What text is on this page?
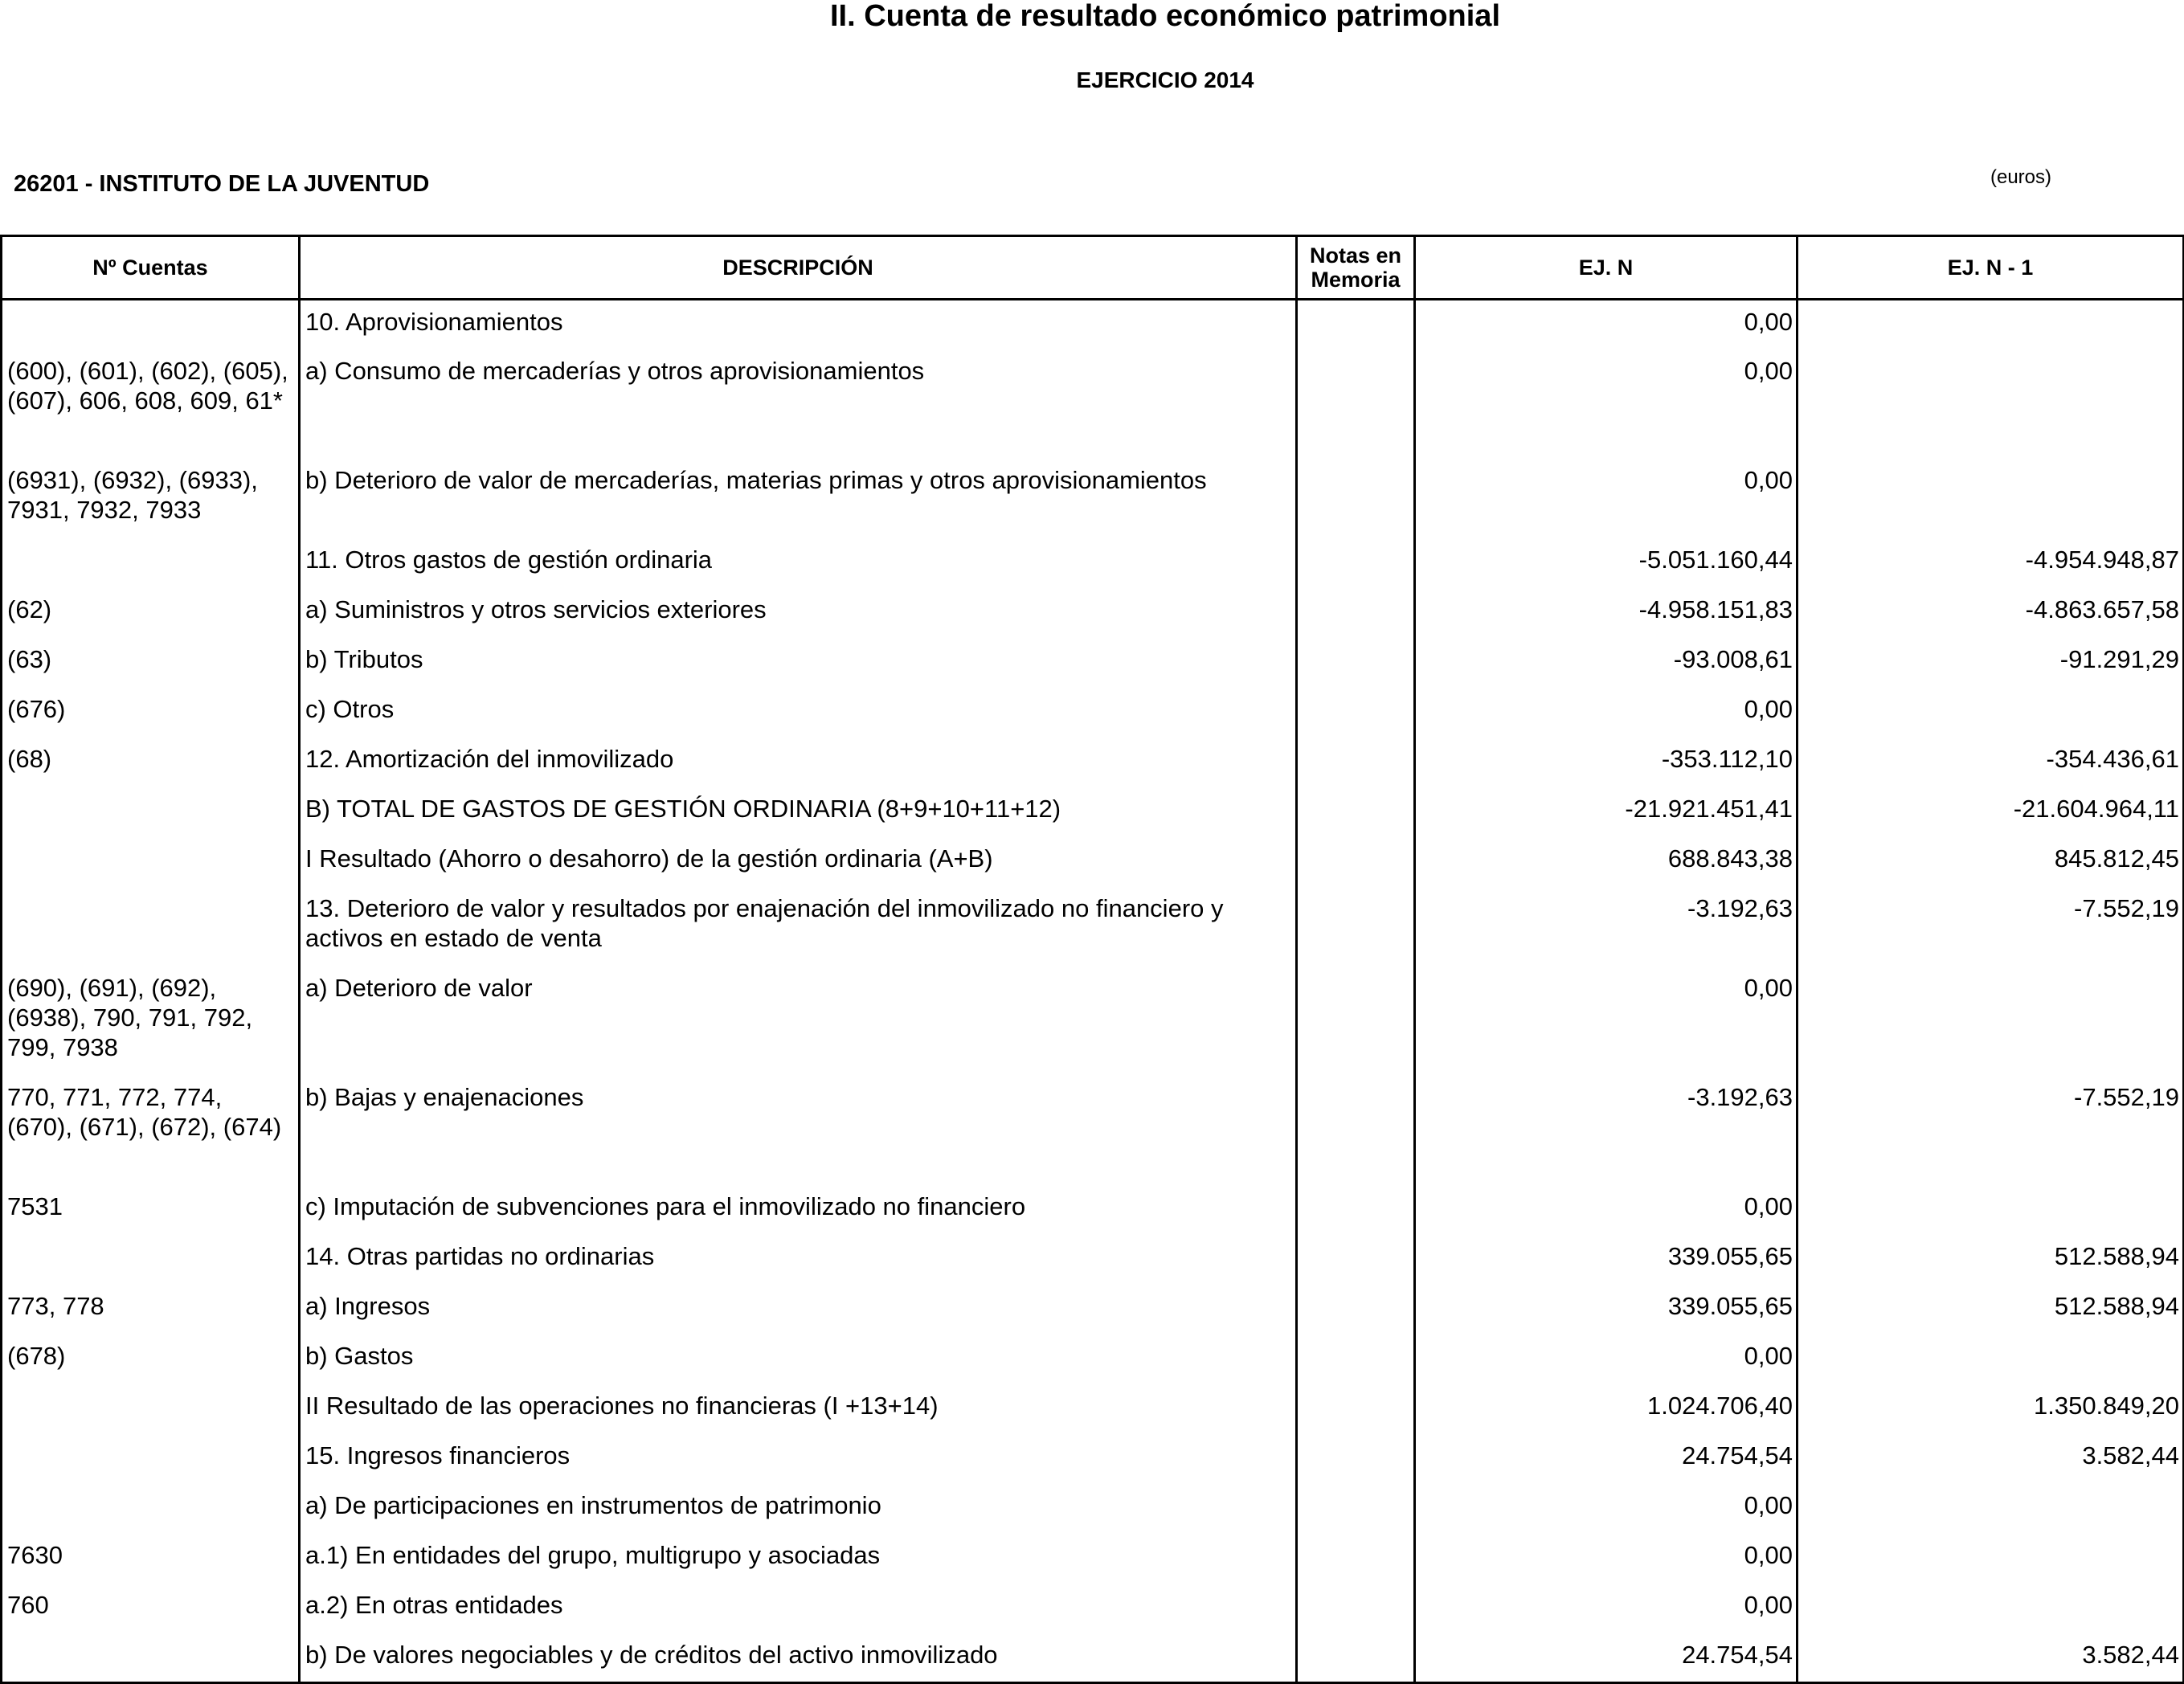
II. Cuenta de resultado económico patrimonial
EJERCICIO 2014
26201 - INSTITUTO DE LA JUVENTUD	(euros)
Nº Cuentas	DESCRIPCIÓN	Notas en
Memoria	EJ. N	EJ. N - 1
	10. Aprovisionamientos		0,00	
(600), (601), (602), (605), (607), 606, 608, 609, 61*	a) Consumo de mercaderías y otros aprovisionamientos		0,00	
(6931), (6932), (6933), 7931, 7932, 7933	b) Deterioro de valor de mercaderías, materias primas y otros aprovisionamientos		0,00	
	11. Otros gastos de gestión ordinaria		-5.051.160,44	-4.954.948,87
(62)	a) Suministros y otros servicios exteriores		-4.958.151,83	-4.863.657,58
(63)	b) Tributos		-93.008,61	-91.291,29
(676)	c) Otros		0,00	
(68)	12. Amortización del inmovilizado		-353.112,10	-354.436,61
	B) TOTAL DE GASTOS DE GESTIÓN ORDINARIA (8+9+10+11+12)		-21.921.451,41	-21.604.964,11
	I Resultado (Ahorro o desahorro) de la gestión ordinaria (A+B)		688.843,38	845.812,45
	13. Deterioro de valor y resultados por enajenación del inmovilizado no financiero y activos en estado de venta		-3.192,63	-7.552,19
(690), (691), (692), (6938), 790, 791, 792, 799, 7938	a) Deterioro de valor		0,00	
770, 771, 772, 774, (670), (671), (672), (674)	b) Bajas y enajenaciones		-3.192,63	-7.552,19
7531	c) Imputación de subvenciones para el inmovilizado no financiero		0,00	
	14. Otras partidas no ordinarias		339.055,65	512.588,94
773, 778	a) Ingresos		339.055,65	512.588,94
(678)	b) Gastos		0,00	
	II Resultado de las operaciones no financieras (I +13+14)		1.024.706,40	1.350.849,20
	15. Ingresos financieros		24.754,54	3.582,44
	a) De participaciones en instrumentos de patrimonio		0,00	
7630	a.1) En entidades del grupo, multigrupo y asociadas		0,00	
760	a.2) En otras entidades		0,00	
	b) De valores negociables y de créditos del activo inmovilizado		24.754,54	3.582,44
